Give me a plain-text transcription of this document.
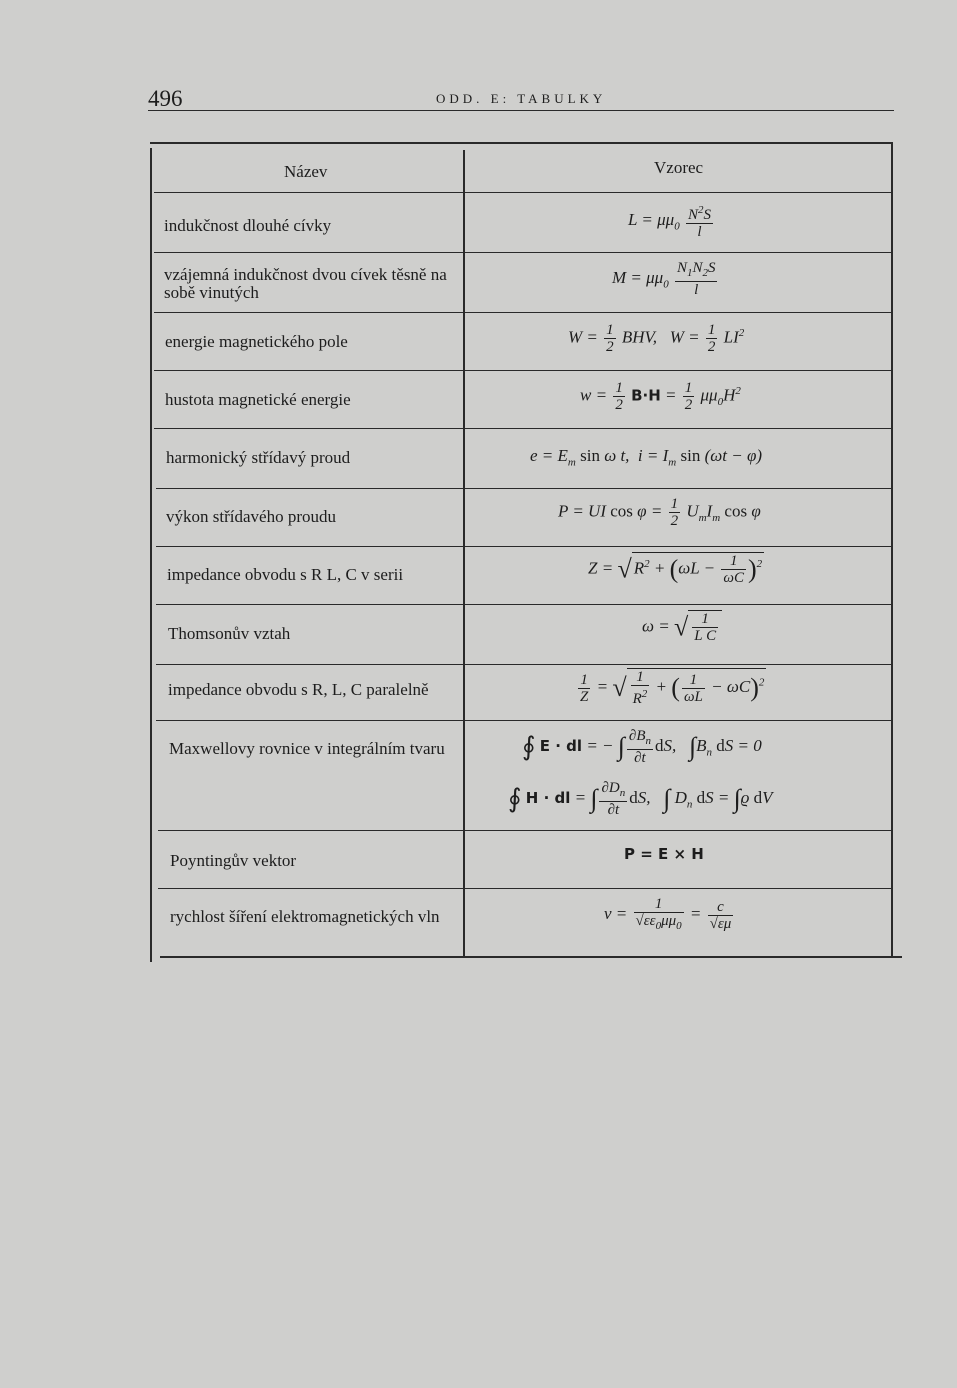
496	ODD. E: TABULKY
Název	Vzorec
indukčnost dlouhé cívky
vzájemná indukčnost dvou cívek těsně na sobě vinutých
energie magnetického pole
hustota magnetické energie
harmonický střídavý proud
výkon střídavého proudu
impedance obvodu s R L, C v serii
Thomsonův vztah
impedance obvodu s R, L, C paralelně
Maxwellovy rovnice v integrálním tvaru
Poyntingův vektor
rychlost šíření elektromagnetických vln
$L = \mu\mu_0 \frac{N^2S}{l}$
$M = \mu\mu_0 \frac{N_1N_2S}{l}$
$W = \frac{1}{2}$ BHV,   $W = \frac{1}{2} LI^2$
$w = \frac{1}{2} B\cdot H = \frac{1}{2} \mu\mu_0H^2$
$e = E_m$ sin ω t,  $i = I_m$ sin (ωt − φ)
P = UI $\cos \varphi = \frac{1}{2} U_mI_m$ cos φ
Z = √ $R^2 + (\omega L - \frac{1}{\omega C} )^2$
ω = √ $\frac{1}{\text{L C}}$
$\frac{1}{Z}$ = √ $\frac{1}{R^2}$ + ( $\frac{1}{\omega L} - \omega C)^2$
∮ E · dl = − ∫ $\frac{\partial B_n}{\partial t}$ dS,   $\int B_n$ dS = 0
∮ H · dl = ∫ $\frac{\partial D_n}{\partial t}$ dS,   ∫ $D_n$ dS = ∫ϱ dV
P = E × H
$v = \frac{1}{√\varepsilon\varepsilon_0\mu\mu_0} = \frac{c}{√\varepsilon\mu}$
